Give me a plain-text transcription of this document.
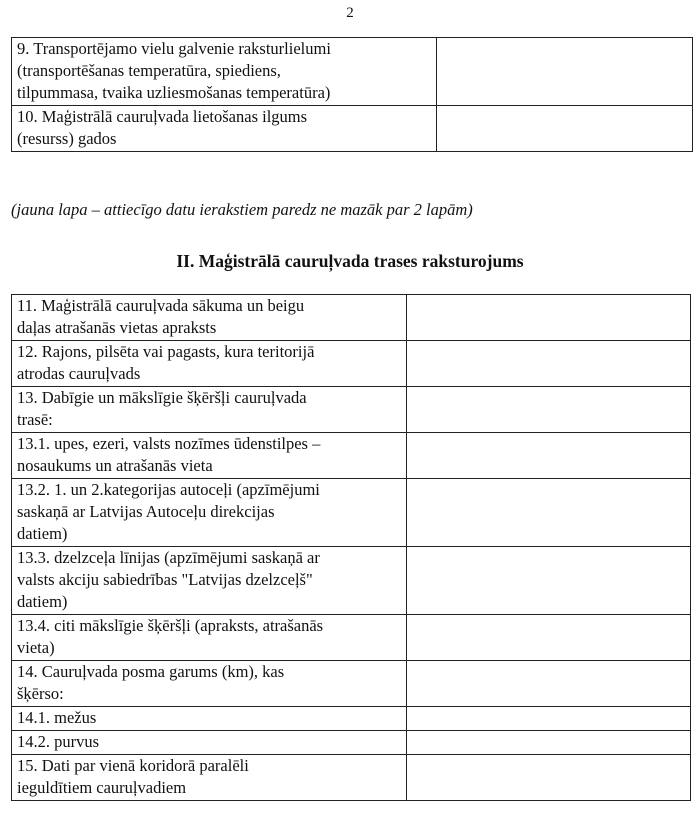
2
9. Transportējamo vielu galvenie raksturlielumi
(transportēšanas temperatūra, spiediens,
tilpummasa, tvaika uzliesmošanas temperatūra)	
10. Maģistrālā cauruļvada lietošanas ilgums
(resurss) gados	
(jauna lapa – attiecīgo datu ierakstiem paredz ne mazāk par 2 lapām)
II. Maģistrālā cauruļvada trases raksturojums
11. Maģistrālā cauruļvada sākuma un beigu
daļas atrašanās vietas apraksts	
12. Rajons, pilsēta vai pagasts, kura teritorijā
atrodas cauruļvads	
13. Dabīgie un mākslīgie šķēršļi cauruļvada
trasē:	
13.1. upes, ezeri, valsts nozīmes ūdenstilpes –
nosaukums un atrašanās vieta	
13.2. 1. un 2.kategorijas autoceļi (apzīmējumi
saskaņā ar Latvijas Autoceļu direkcijas
datiem)	
13.3. dzelzceļa līnijas (apzīmējumi saskaņā ar
valsts akciju sabiedrības "Latvijas dzelzceļš"
datiem)	
13.4. citi mākslīgie šķēršļi (apraksts, atrašanās
vieta)	
14. Cauruļvada posma garums (km), kas
šķērso:	
14.1. mežus	
14.2. purvus	
15. Dati par vienā koridorā paralēli
ieguldītiem cauruļvadiem	
